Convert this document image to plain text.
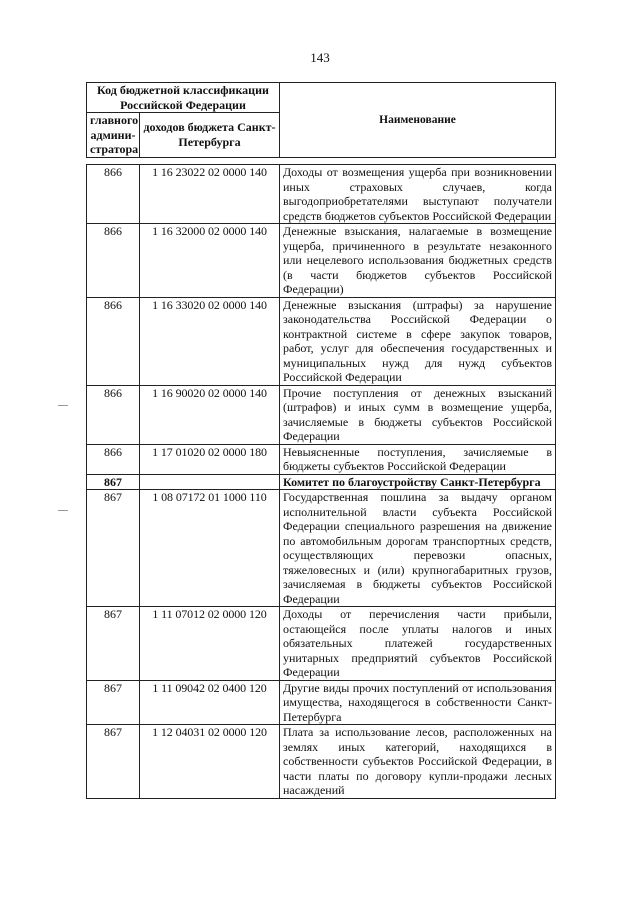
143
Код бюджетной классификации Российской Федерации		Наименование
главного админи-стратора	доходов бюджета Санкт-Петербурга	
866	1 16 23022 02 0000 140	Доходы от возмещения ущерба при возникновении иных страховых случаев, когда выгодоприобретателями выступают получатели средств бюджетов субъектов Российской Федерации
866	1 16 32000 02 0000 140	Денежные взыскания, налагаемые в возмещение ущерба, причиненного в результате незаконного или нецелевого использования бюджетных средств (в части бюджетов субъектов Российской Федерации)
866	1 16 33020 02 0000 140	Денежные взыскания (штрафы) за нарушение законодательства Российской Федерации о контрактной системе в сфере закупок товаров, работ, услуг для обеспечения государственных и муниципальных нужд для нужд субъектов Российской Федерации
866	1 16 90020 02 0000 140	Прочие поступления от денежных взысканий (штрафов) и иных сумм в возмещение ущерба, зачисляемые в бюджеты субъектов Российской Федерации
866	1 17 01020 02 0000 180	Невыясненные поступления, зачисляемые в бюджеты субъектов Российской Федерации
867		Комитет по благоустройству Санкт-Петербурга
867	1 08 07172 01 1000 110	Государственная пошлина за выдачу органом исполнительной власти субъекта Российской Федерации специального разрешения на движение по автомобильным дорогам транспортных средств, осуществляющих перевозки опасных, тяжеловесных и (или) крупногабаритных грузов, зачисляемая в бюджеты субъектов Российской Федерации
867	1 11 07012 02 0000 120	Доходы от перечисления части прибыли, остающейся после уплаты налогов и иных обязательных платежей государственных унитарных предприятий субъектов Российской Федерации
867	1 11 09042 02 0400 120	Другие виды прочих поступлений от использования имущества, находящегося в собственности Санкт-Петербурга
867	1 12 04031 02 0000 120	Плата за использование лесов, расположенных на землях иных категорий, находящихся в собственности субъектов Российской Федерации, в части платы по договору купли-продажи лесных насаждений
